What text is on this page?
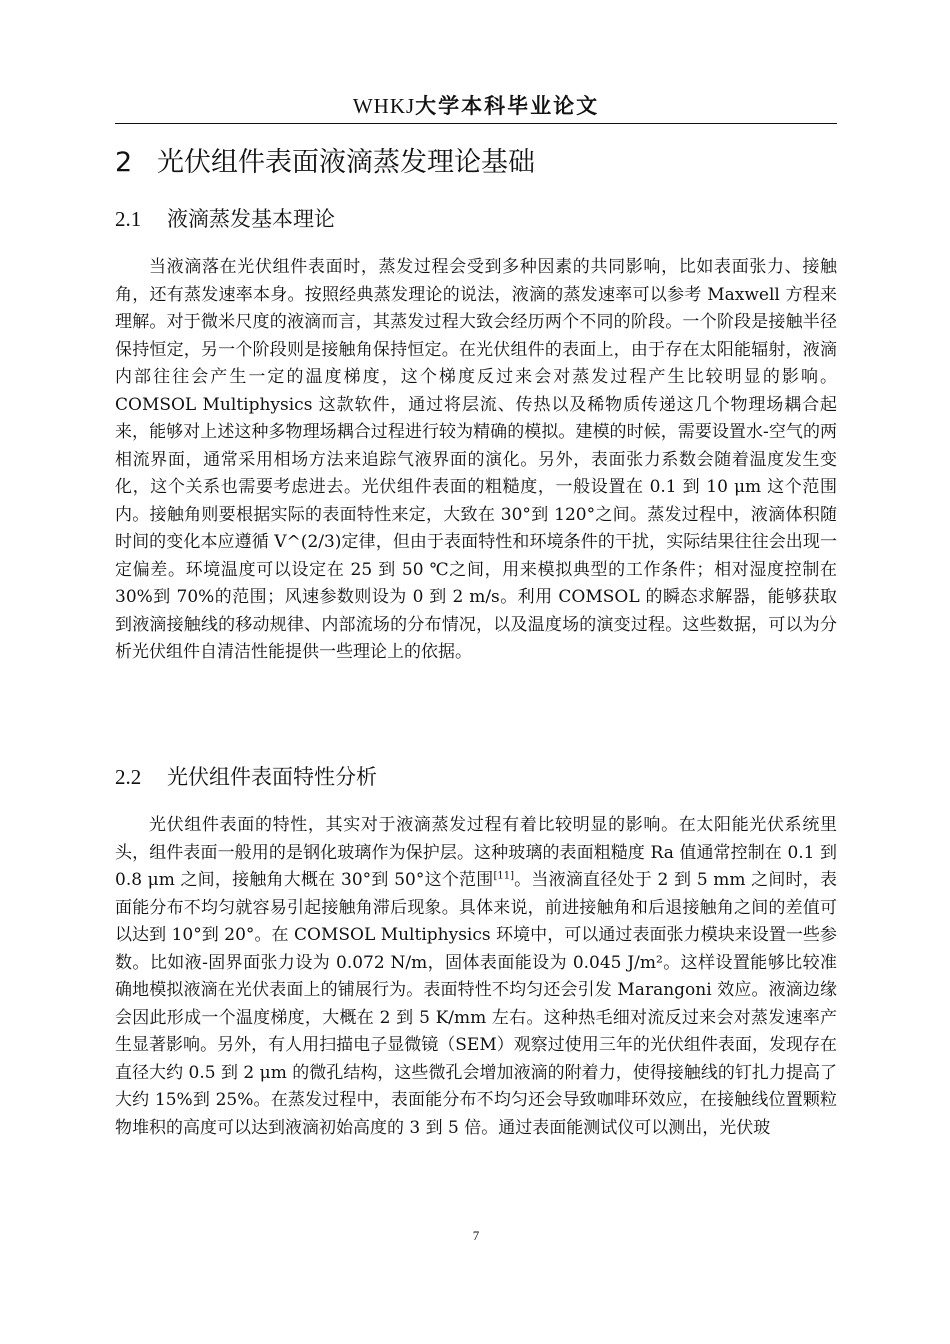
WHKJ大学本科毕业论文
2 光伏组件表面液滴蒸发理论基础
2.1 液滴蒸发基本理论

当液滴落在光伏组件表面时，蒸发过程会受到多种因素的共同影响，比如表面张力、接触角，还有蒸发速率本身。按照经典蒸发理论的说法，液滴的蒸发速率可以参考 Maxwell 方程来理解。对于微米尺度的液滴而言，其蒸发过程大致会经历两个不同的阶段。一个阶段是接触半径保持恒定，另一个阶段则是接触角保持恒定。在光伏组件的表面上，由于存在太阳能辐射，液滴内部往往会产生一定的温度梯度，这个梯度反过来会对蒸发过程产生比较明显的影响。COMSOL Multiphysics 这款软件，通过将层流、传热以及稀物质传递这几个物理场耦合起来，能够对上述这种多物理场耦合过程进行较为精确的模拟。建模的时候，需要设置水-空气的两相流界面，通常采用相场方法来追踪气液界面的演化。另外，表面张力系数会随着温度发生变化，这个关系也需要考虑进去。光伏组件表面的粗糙度，一般设置在 0.1 到 10 μm 这个范围内。接触角则要根据实际的表面特性来定，大致在 30°到 120°之间。蒸发过程中，液滴体积随时间的变化本应遵循 V^(2/3)定律，但由于表面特性和环境条件的干扰，实际结果往往会出现一定偏差。环境温度可以设定在 25 到 50 ℃之间，用来模拟典型的工作条件；相对湿度控制在 30%到 70%的范围；风速参数则设为 0 到 2 m/s。利用 COMSOL 的瞬态求解器，能够获取到液滴接触线的移动规律、内部流场的分布情况，以及温度场的演变过程。这些数据，可以为分析光伏组件自清洁性能提供一些理论上的依据。

2.2 光伏组件表面特性分析

光伏组件表面的特性，其实对于液滴蒸发过程有着比较明显的影响。在太阳能光伏系统里头，组件表面一般用的是钢化玻璃作为保护层。这种玻璃的表面粗糙度 Ra 值通常控制在 0.1 到 0.8 μm 之间，接触角大概在 30°到 50°这个范围[11]。当液滴直径处于 2 到 5 mm 之间时，表面能分布不均匀就容易引起接触角滞后现象。具体来说，前进接触角和后退接触角之间的差值可以达到 10°到 20°。在 COMSOL Multiphysics 环境中，可以通过表面张力模块来设置一些参数。比如液-固界面张力设为 0.072 N/m，固体表面能设为 0.045 J/m²。这样设置能够比较准确地模拟液滴在光伏表面上的铺展行为。表面特性不均匀还会引发 Marangoni 效应。液滴边缘会因此形成一个温度梯度，大概在 2 到 5 K/mm 左右。这种热毛细对流反过来会对蒸发速率产生显著影响。另外，有人用扫描电子显微镜（SEM）观察过使用三年的光伏组件表面，发现存在直径大约 0.5 到 2 μm 的微孔结构，这些微孔会增加液滴的附着力，使得接触线的钉扎力提高了大约 15%到 25%。在蒸发过程中，表面能分布不均匀还会导致咖啡环效应，在接触线位置颗粒物堆积的高度可以达到液滴初始高度的 3 到 5 倍。通过表面能测试仪可以测出，光伏玻

7
